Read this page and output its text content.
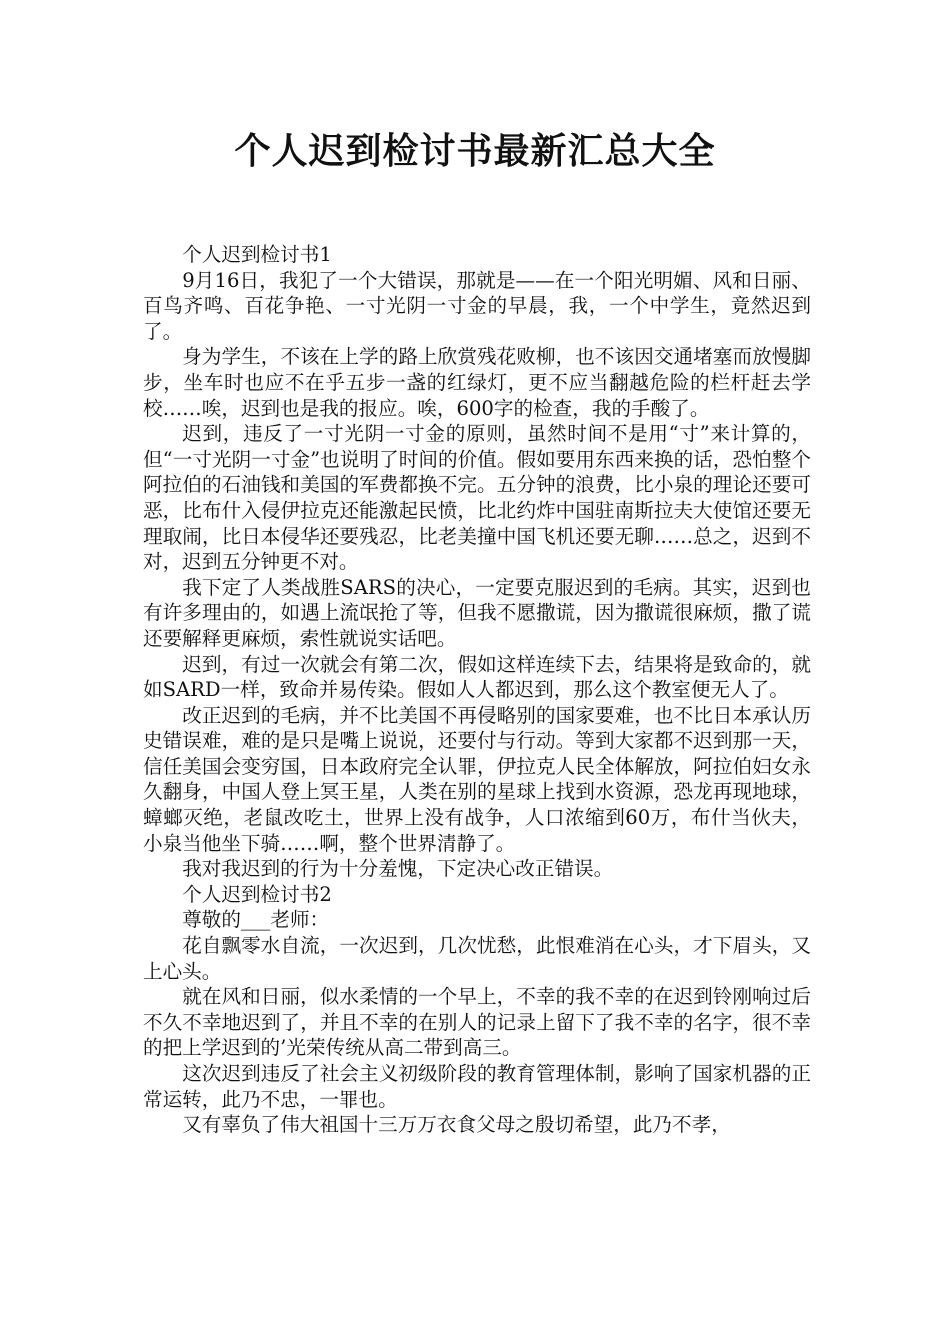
个人迟到检讨书最新汇总大全

个人迟到检讨书1

9月16日，我犯了一个大错误，那就是——在一个阳光明媚、风和日丽、百鸟齐鸣、百花争艳、一寸光阴一寸金的早晨，我，一个中学生，竟然迟到了。

身为学生，不该在上学的路上欣赏残花败柳，也不该因交通堵塞而放慢脚步，坐车时也应不在乎五步一盏的红绿灯，更不应当翻越危险的栏杆赶去学校……唉，迟到也是我的报应。唉，600字的检查，我的手酸了。

迟到，违反了一寸光阴一寸金的原则，虽然时间不是用“寸”来计算的，但“一寸光阴一寸金”也说明了时间的价值。假如要用东西来换的话，恐怕整个阿拉伯的石油钱和美国的军费都换不完。五分钟的浪费，比小泉的理论还要可恶，比布什入侵伊拉克还能激起民愤，比北约炸中国驻南斯拉夫大使馆还要无理取闹，比日本侵华还要残忍，比老美撞中国飞机还要无聊……总之，迟到不对，迟到五分钟更不对。

我下定了人类战胜SARS的决心，一定要克服迟到的毛病。其实，迟到也有许多理由的，如遇上流氓抢了等，但我不愿撒谎，因为撒谎很麻烦，撒了谎还要解释更麻烦，索性就说实话吧。

迟到，有过一次就会有第二次，假如这样连续下去，结果将是致命的，就如SARD一样，致命并易传染。假如人人都迟到，那么这个教室便无人了。

改正迟到的毛病，并不比美国不再侵略别的国家要难，也不比日本承认历史错误难，难的是只是嘴上说说，还要付与行动。等到大家都不迟到那一天，信任美国会变穷国，日本政府完全认罪，伊拉克人民全体解放，阿拉伯妇女永久翻身，中国人登上冥王星，人类在别的星球上找到水资源，恐龙再现地球，蟑螂灭绝，老鼠改吃土，世界上没有战争，人口浓缩到60万，布什当伙夫，小泉当他坐下骑……啊，整个世界清静了。

我对我迟到的行为十分羞愧，下定决心改正错误。

个人迟到检讨书2

尊敬的___老师：

花自飘零水自流，一次迟到，几次忧愁，此恨难消在心头，才下眉头，又上心头。

就在风和日丽，似水柔情的一个早上，不幸的我不幸的在迟到铃刚响过后不久不幸地迟到了，并且不幸的在别人的记录上留下了我不幸的名字，很不幸的把上学迟到的’光荣传统从高二带到高三。

这次迟到违反了社会主义初级阶段的教育管理体制，影响了国家机器的正常运转，此乃不忠，一罪也。

又有辜负了伟大祖国十三万万衣食父母之殷切希望，此乃不孝，
